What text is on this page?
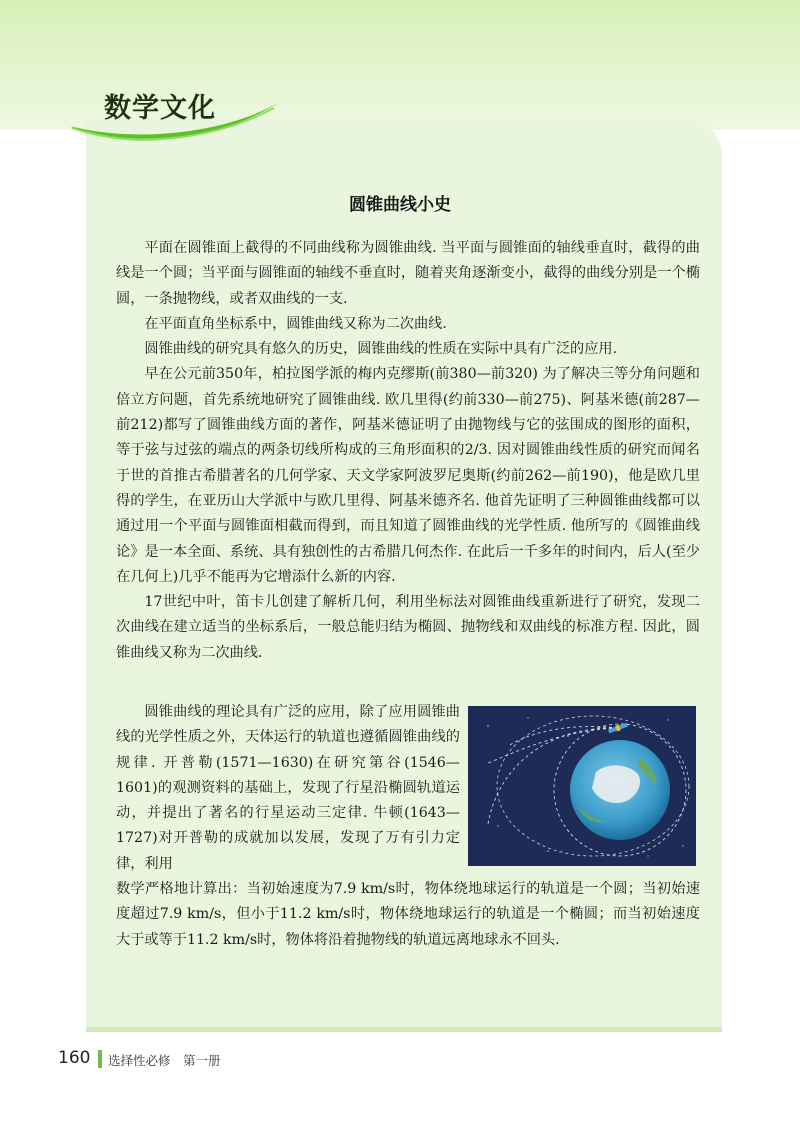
数学文化
圆锥曲线小史

平面在圆锥面上截得的不同曲线称为圆锥曲线. 当平面与圆锥面的轴线垂直时，截得的曲线是一个圆；当平面与圆锥面的轴线不垂直时，随着夹角逐渐变小，截得的曲线分别是一个椭圆，一条抛物线，或者双曲线的一支.

在平面直角坐标系中，圆锥曲线又称为二次曲线.

圆锥曲线的研究具有悠久的历史，圆锥曲线的性质在实际中具有广泛的应用.

早在公元前350年，柏拉图学派的梅内克缪斯(前380—前320) 为了解决三等分角问题和倍立方问题，首先系统地研究了圆锥曲线. 欧几里得(约前330—前275)、阿基米德(前287—前212)都写了圆锥曲线方面的著作，阿基米德证明了由抛物线与它的弦围成的图形的面积，等于弦与过弦的端点的两条切线所构成的三角形面积的2/3. 因对圆锥曲线性质的研究而闻名于世的首推古希腊著名的几何学家、天文学家阿波罗尼奥斯(约前262—前190)，他是欧几里得的学生，在亚历山大学派中与欧几里得、阿基米德齐名. 他首先证明了三种圆锥曲线都可以通过用一个平面与圆锥面相截而得到，而且知道了圆锥曲线的光学性质. 他所写的《圆锥曲线论》是一本全面、系统、具有独创性的古希腊几何杰作. 在此后一千多年的时间内，后人(至少在几何上)几乎不能再为它增添什么新的内容.

17世纪中叶，笛卡儿创建了解析几何，利用坐标法对圆锥曲线重新进行了研究，发现二次曲线在建立适当的坐标系后，一般总能归结为椭圆、抛物线和双曲线的标准方程. 因此，圆锥曲线又称为二次曲线.

圆锥曲线的理论具有广泛的应用，除了应用圆锥曲线的光学性质之外，天体运行的轨道也遵循圆锥曲线的规律. 开普勒(1571—1630)在研究第谷(1546—1601)的观测资料的基础上，发现了行星沿椭圆轨道运动，并提出了著名的行星运动三定律. 牛顿(1643—1727)对开普勒的成就加以发展，发现了万有引力定律，利用

数学严格地计算出：当初始速度为7.9 km/s时，物体绕地球运行的轨道是一个圆；当初始速度超过7.9 km/s，但小于11.2 km/s时，物体绕地球运行的轨道是一个椭圆；而当初始速度大于或等于11.2 km/s时，物体将沿着抛物线的轨道远离地球永不回头.

160 选择性必修　第一册
